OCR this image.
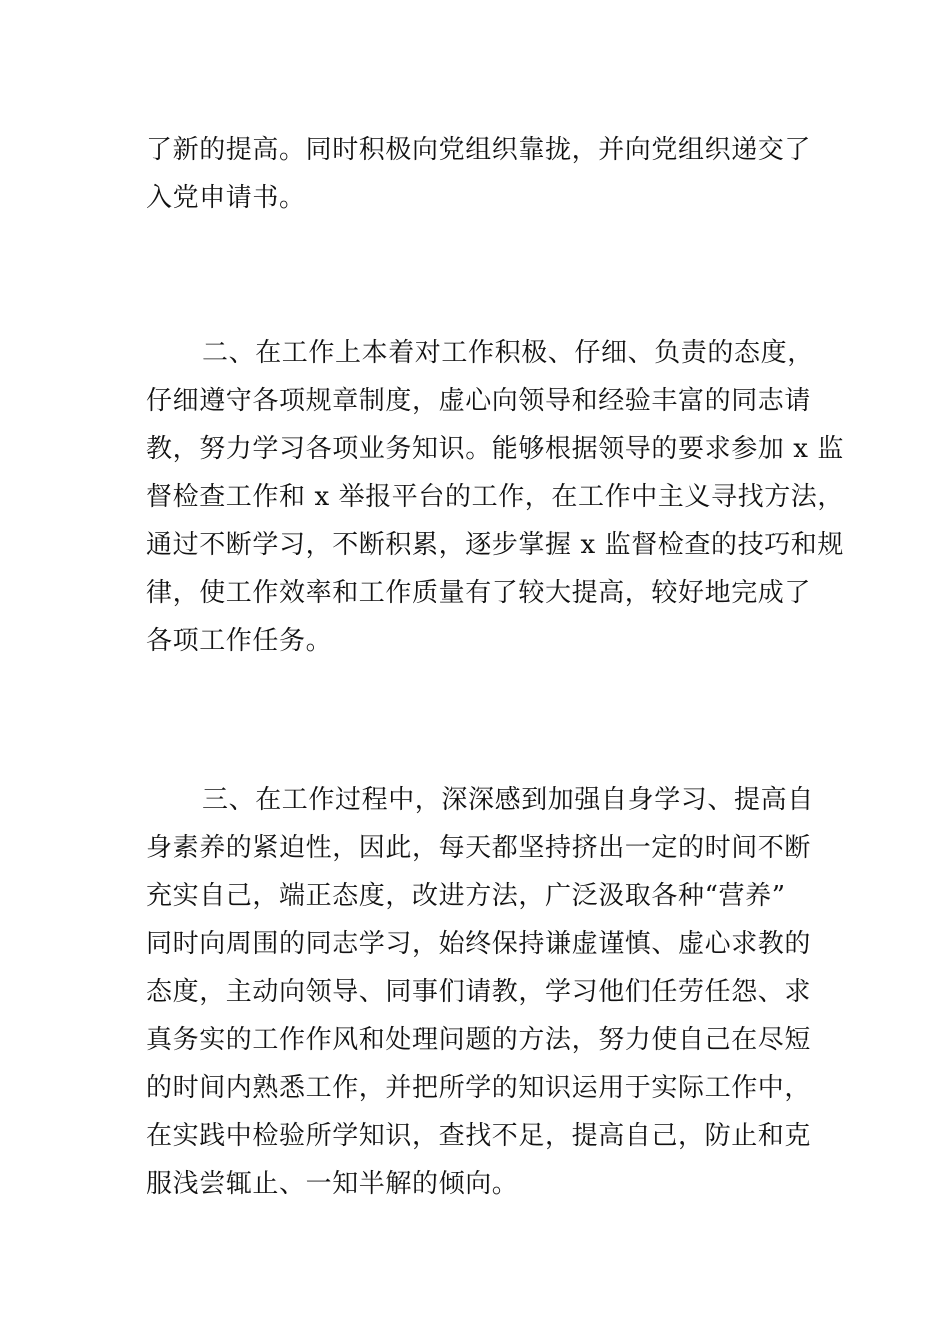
了新的提高。同时积极向党组织靠拢，并向党组织递交了
入党申请书。

二、在工作上本着对工作积极、仔细、负责的态度，
仔细遵守各项规章制度，虚心向领导和经验丰富的同志请
教，努力学习各项业务知识。能够根据领导的要求参加 x 监
督检查工作和 x 举报平台的工作，在工作中主义寻找方法，
通过不断学习，不断积累，逐步掌握 x 监督检查的技巧和规
律，使工作效率和工作质量有了较大提高，较好地完成了
各项工作任务。

三、在工作过程中，深深感到加强自身学习、提高自
身素养的紧迫性，因此，每天都坚持挤出一定的时间不断
充实自己，端正态度，改进方法，广泛汲取各种“营养”
同时向周围的同志学习，始终保持谦虚谨慎、虚心求教的
态度，主动向领导、同事们请教，学习他们任劳任怨、求
真务实的工作作风和处理问题的方法，努力使自己在尽短
的时间内熟悉工作，并把所学的知识运用于实际工作中，
在实践中检验所学知识，查找不足，提高自己，防止和克
服浅尝辄止、一知半解的倾向。
